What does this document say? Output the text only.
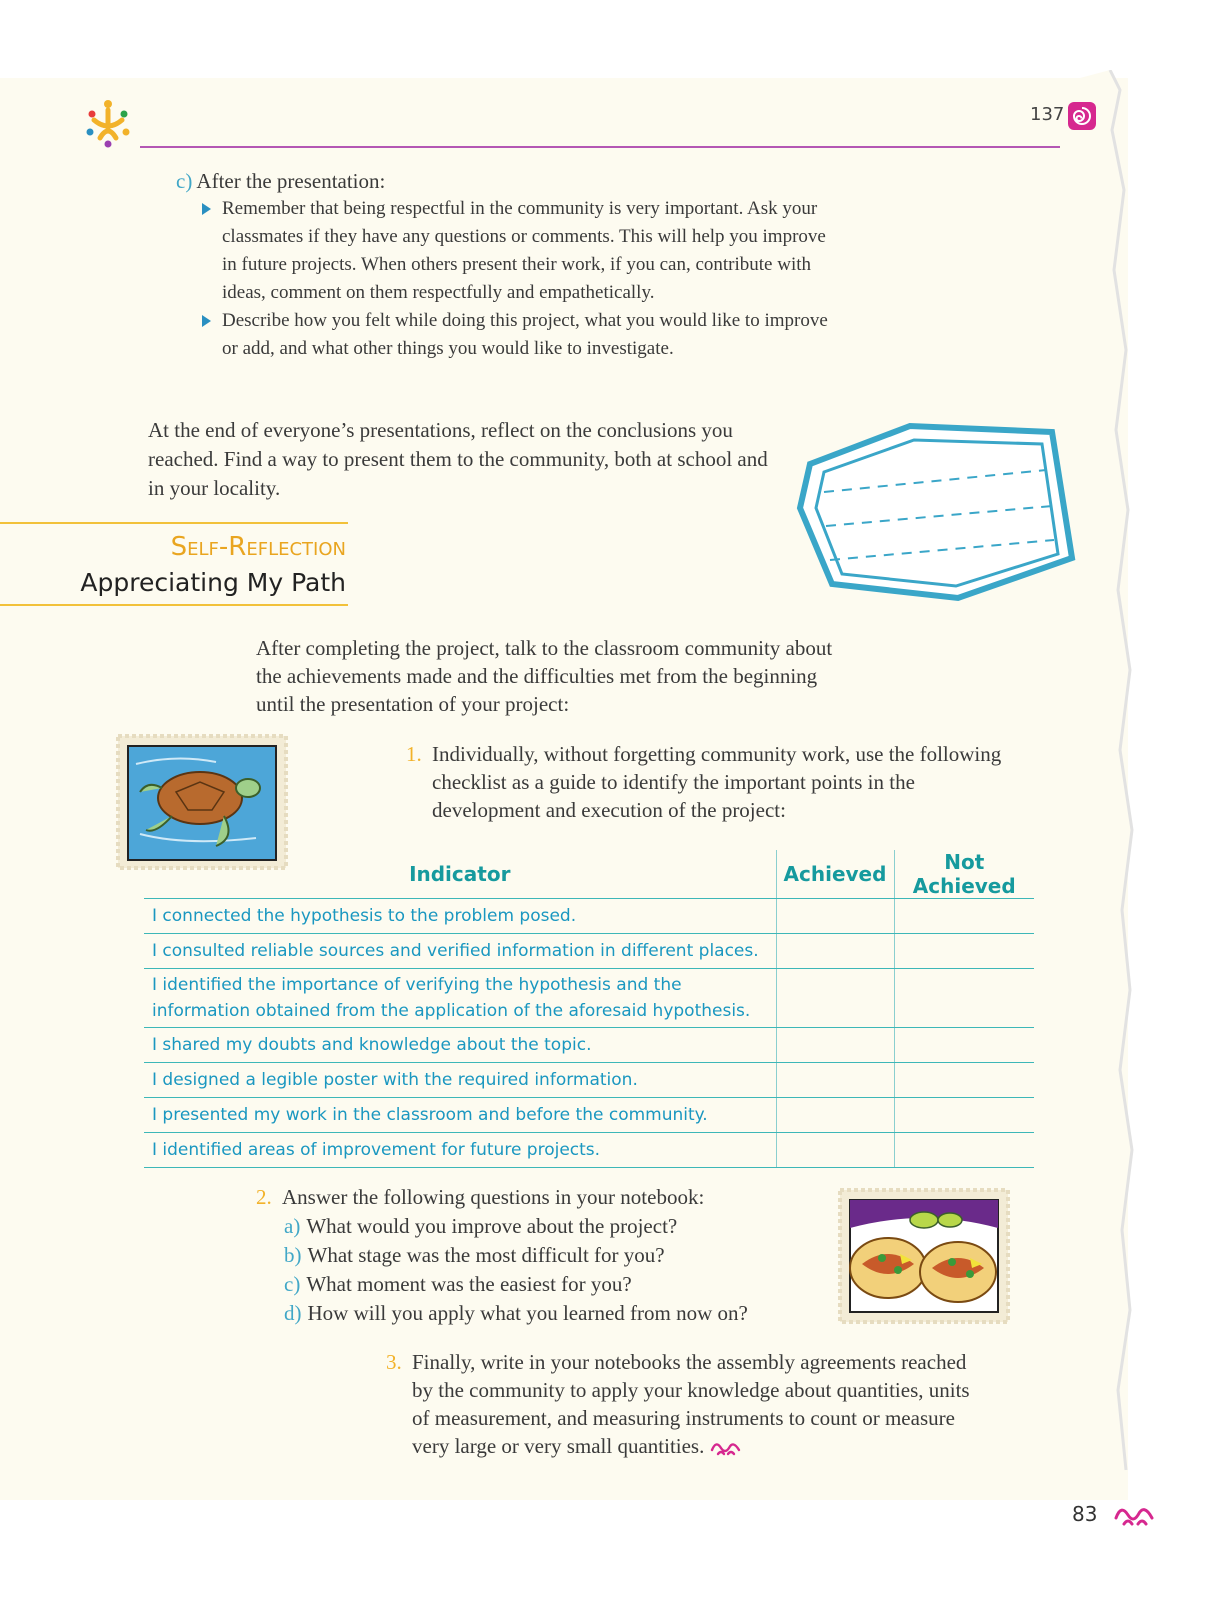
137
c) After the presentation:
Remember that being respectful in the community is very important. Ask your classmates if they have any questions or comments. This will help you improve in future projects. When others present their work, if you can, contribute with ideas, comment on them respectfully and empathetically.
Describe how you felt while doing this project, what you would like to improve or add, and what other things you would like to investigate.

At the end of everyone’s presentations, reflect on the conclusions you reached. Find a way to present them to the community, both at school and in your locality.

Self-Reflection
Appreciating My Path

After completing the project, talk to the classroom community about the achievements made and the difficulties met from the beginning until the presentation of your project:

1. Individually, without forgetting community work, use the following checklist as a guide to identify the important points in the development and execution of the project:
Indicator	Achieved	Not Achieved
I connected the hypothesis to the problem posed.		
I consulted reliable sources and verified information in different places.		
I identified the importance of verifying the hypothesis and the information obtained from the application of the aforesaid hypothesis.		
I shared my doubts and knowledge about the topic.		
I designed a legible poster with the required information.		
I presented my work in the classroom and before the community.		
I identified areas of improvement for future projects.		
2. Answer the following questions in your notebook:
a) What would you improve about the project?
b) What stage was the most difficult for you?
c) What moment was the easiest for you?
d) How will you apply what you learned from now on?
3. Finally, write in your notebooks the assembly agreements reached by the community to apply your knowledge about quantities, units of measurement, and measuring instruments to count or measure very large or very small quantities.
83
